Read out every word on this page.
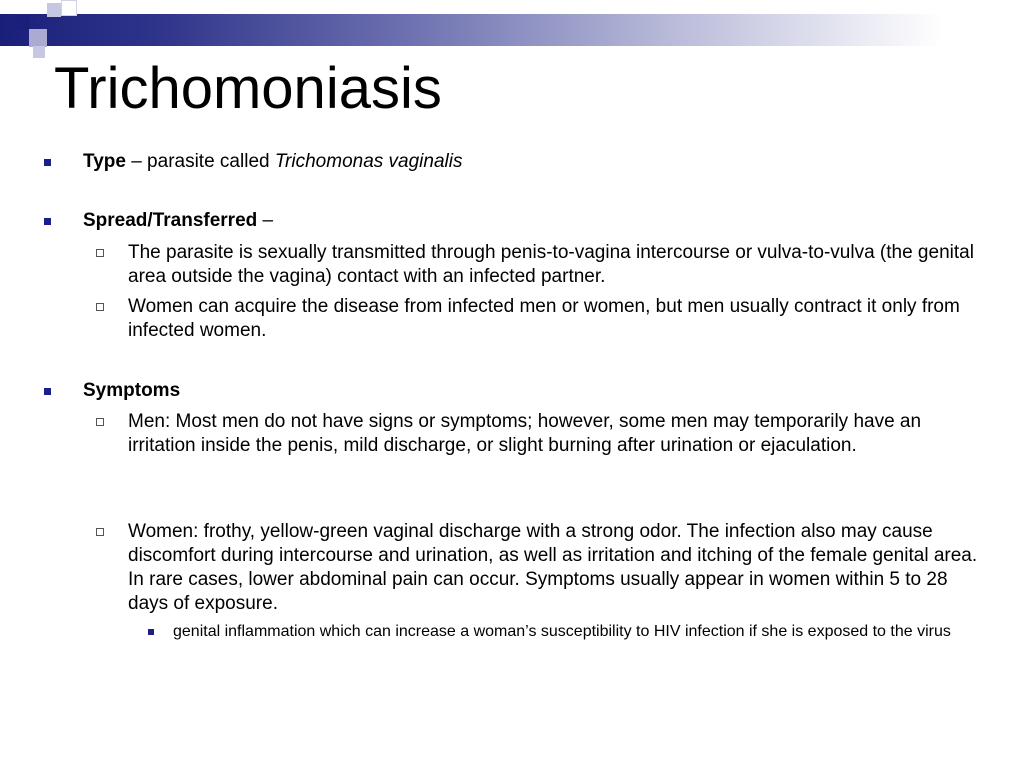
Trichomoniasis
Type – parasite called Trichomonas vaginalis
Spread/Transferred –
The parasite is sexually transmitted through penis-to-vagina intercourse or vulva-to-vulva (the genital area outside the vagina) contact with an infected partner.
Women can acquire the disease from infected men or women, but men usually contract it only from infected women.
Symptoms
Men: Most men do not have signs or symptoms; however, some men may temporarily have an irritation inside the penis, mild discharge, or slight burning after urination or ejaculation.
Women: frothy, yellow-green vaginal discharge with a strong odor. The infection also may cause discomfort during intercourse and urination, as well as irritation and itching of the female genital area. In rare cases, lower abdominal pain can occur. Symptoms usually appear in women within 5 to 28 days of exposure.
genital inflammation which can increase a woman’s susceptibility to HIV infection if she is exposed to the virus
